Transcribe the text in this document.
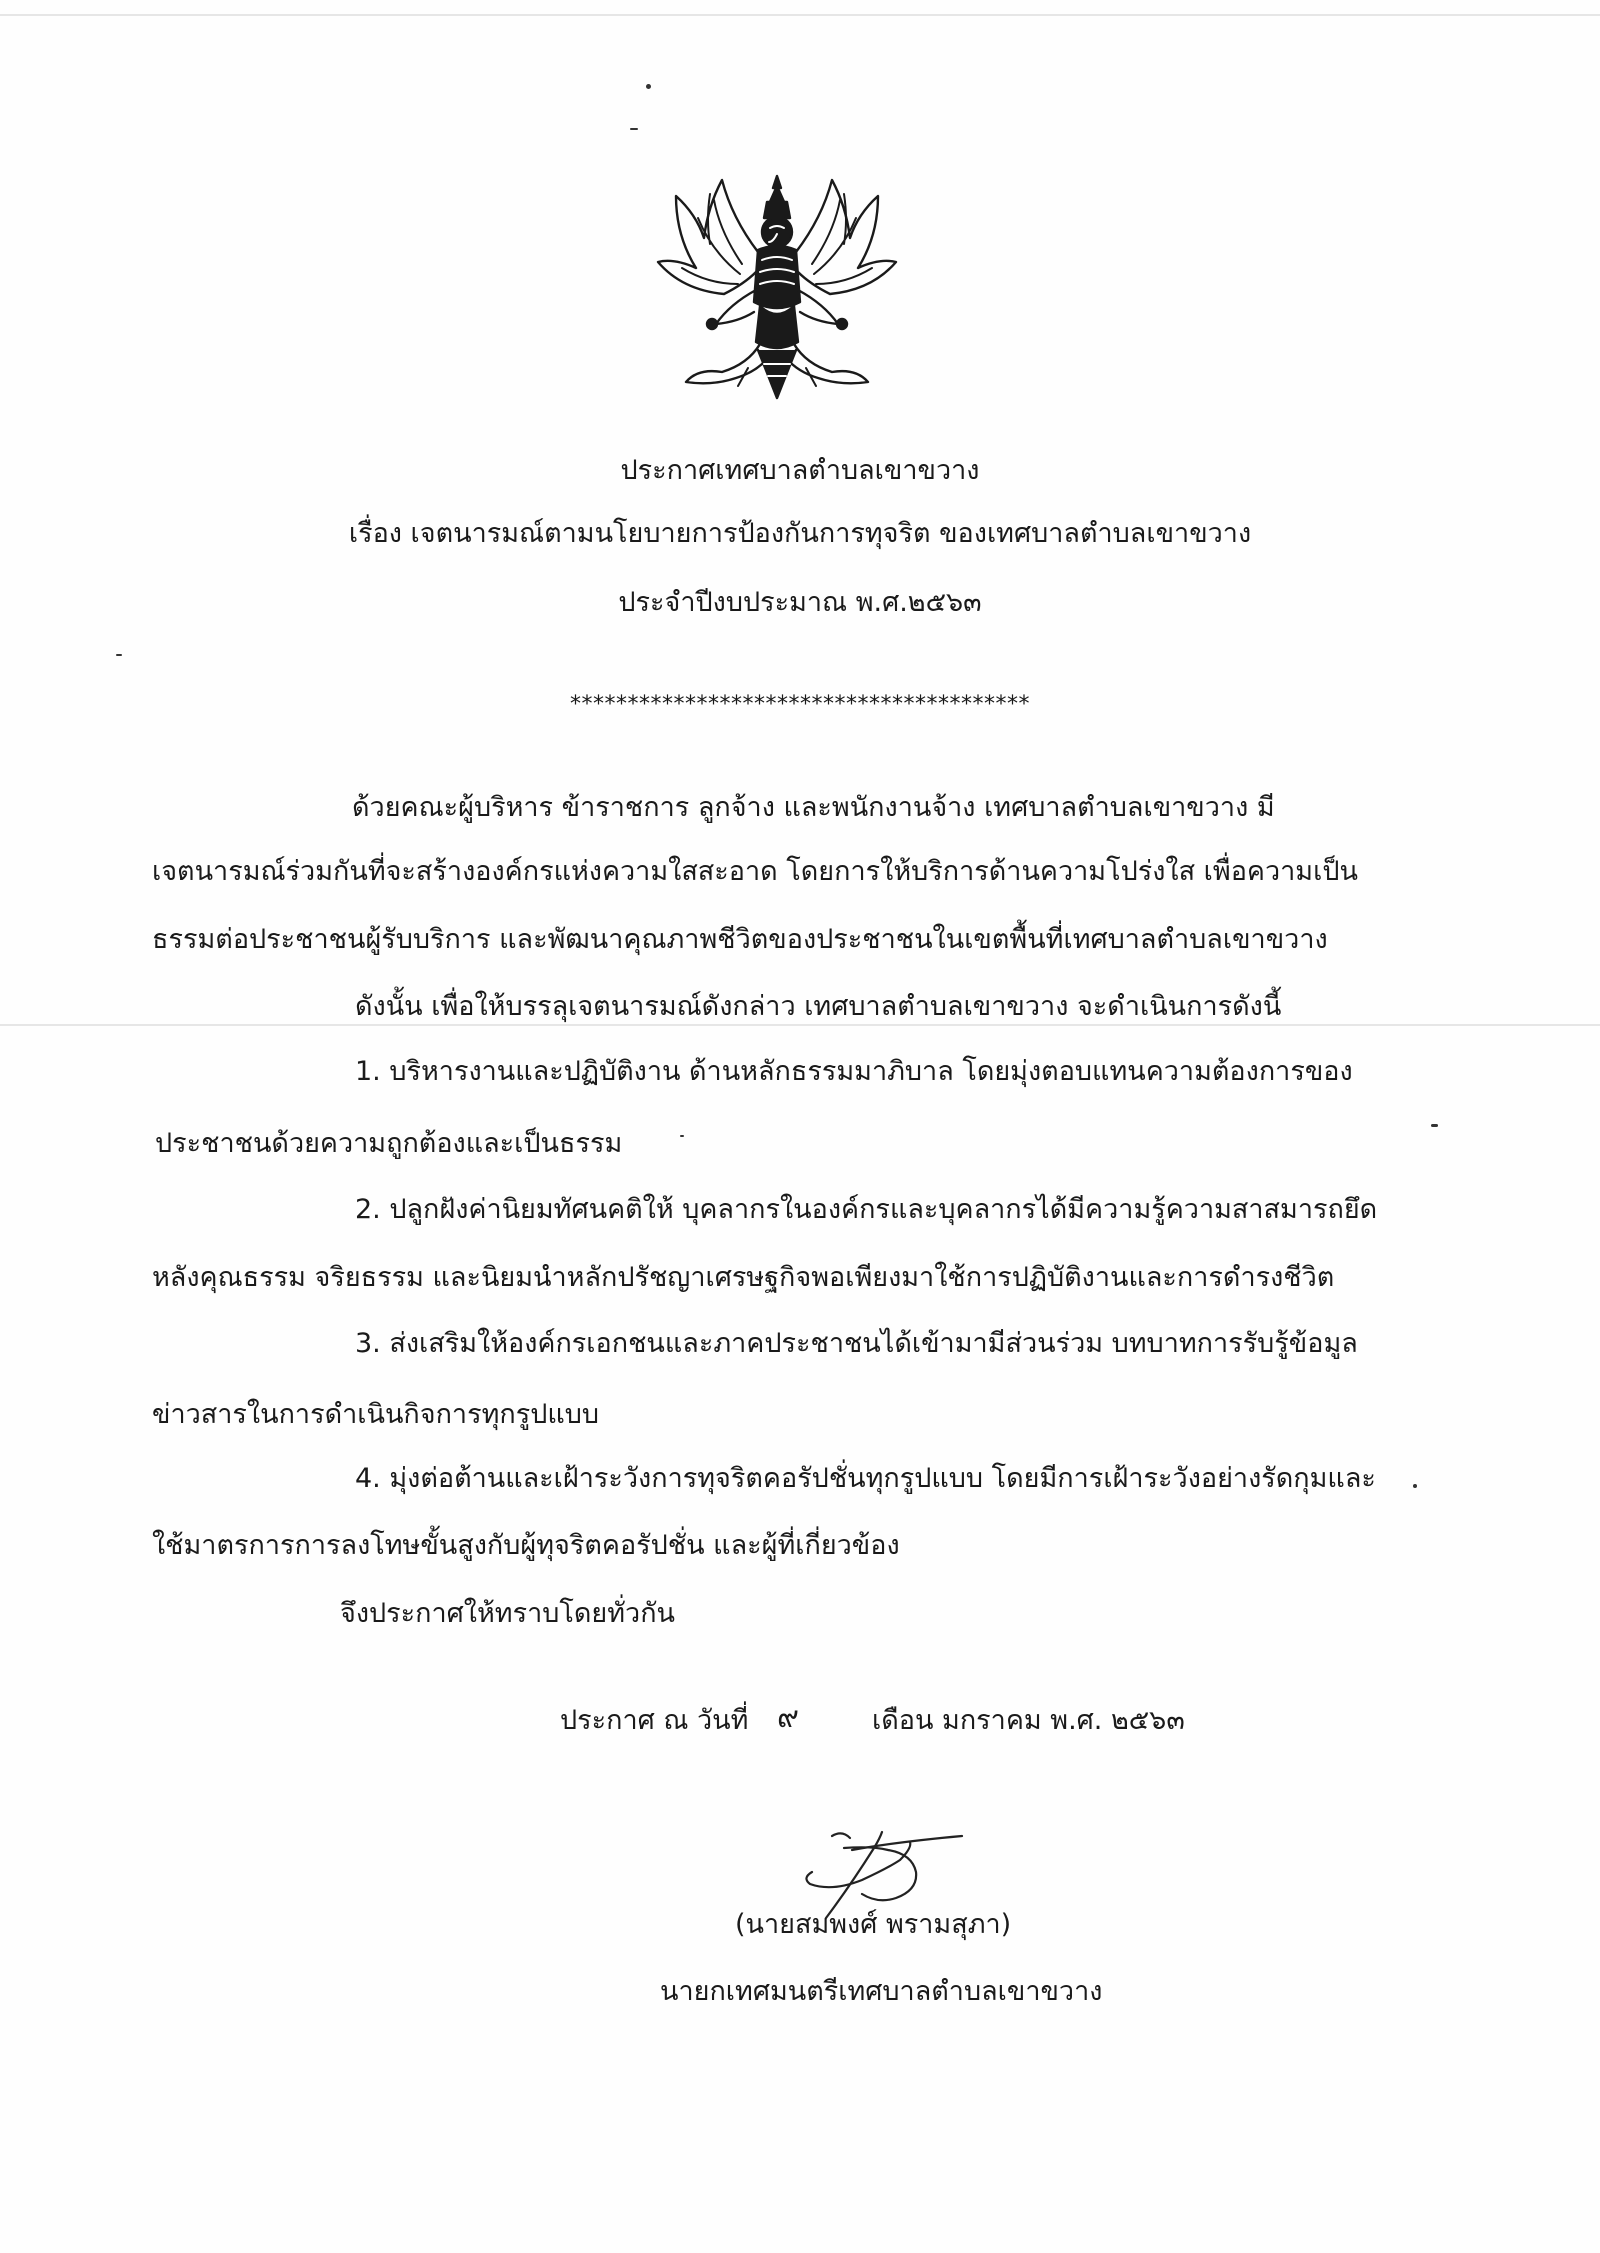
ประกาศเทศบาลตำบลเขาขวาง
เรื่อง เจตนารมณ์ตามนโยบายการป้องกันการทุจริต ของเทศบาลตำบลเขาขวาง
ประจำปีงบประมาณ พ.ศ.๒๕๖๓
****************************************
ด้วยคณะผู้บริหาร ข้าราชการ ลูกจ้าง และพนักงานจ้าง เทศบาลตำบลเขาขวาง มี
เจตนารมณ์ร่วมกันที่จะสร้างองค์กรแห่งความใสสะอาด โดยการให้บริการด้านความโปร่งใส เพื่อความเป็น
ธรรมต่อประชาชนผู้รับบริการ และพัฒนาคุณภาพชีวิตของประชาชนในเขตพื้นที่เทศบาลตำบลเขาขวาง
ดังนั้น เพื่อให้บรรลุเจตนารมณ์ดังกล่าว เทศบาลตำบลเขาขวาง จะดำเนินการดังนี้
1. บริหารงานและปฏิบัติงาน ด้านหลักธรรมมาภิบาล โดยมุ่งตอบแทนความต้องการของ
ประชาชนด้วยความถูกต้องและเป็นธรรม
2. ปลูกฝังค่านิยมทัศนคติให้ บุคลากรในองค์กรและบุคลากรได้มีความรู้ความสาสมารถยึด
หลังคุณธรรม จริยธรรม และนิยมนำหลักปรัชญาเศรษฐกิจพอเพียงมาใช้การปฏิบัติงานและการดำรงชีวิต
3. ส่งเสริมให้องค์กรเอกชนและภาคประชาชนได้เข้ามามีส่วนร่วม บทบาทการรับรู้ข้อมูล
ข่าวสารในการดำเนินกิจการทุกรูปแบบ
4. มุ่งต่อต้านและเฝ้าระวังการทุจริตคอรัปชั่นทุกรูปแบบ โดยมีการเฝ้าระวังอย่างรัดกุมและ
ใช้มาตรการการลงโทษขั้นสูงกับผู้ทุจริตคอรัปชั่น และผู้ที่เกี่ยวข้อง
จึงประกาศให้ทราบโดยทั่วกัน
ประกาศ ณ วันที่ ๙	เดือน มกราคม พ.ศ. ๒๕๖๓
(นายสมพงศ์ พรามสุภา)
นายกเทศมนตรีเทศบาลตำบลเขาขวาง
